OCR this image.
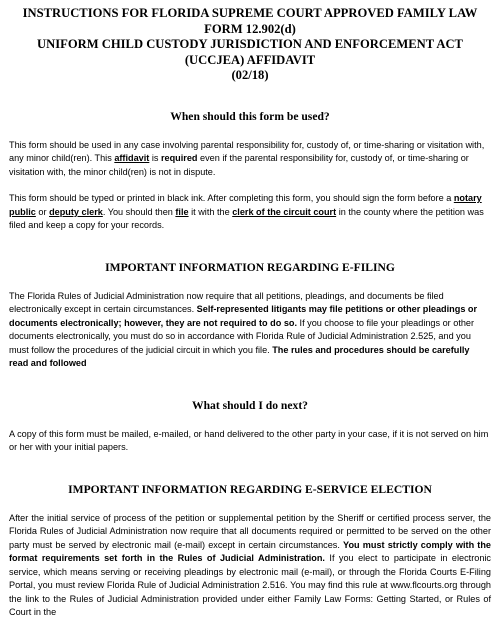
INSTRUCTIONS FOR FLORIDA SUPREME COURT APPROVED FAMILY LAW

FORM 12.902(d)

UNIFORM CHILD CUSTODY JURISDICTION AND ENFORCEMENT ACT

(UCCJEA) AFFIDAVIT

(02/18)

When should this form be used?

This form should be used in any case involving parental responsibility for, custody of, or time-sharing or visitation with, any minor child(ren). This affidavit is required even if the parental responsibility for, custody of, or time-sharing or visitation with, the minor child(ren) is not in dispute.

This form should be typed or printed in black ink. After completing this form, you should sign the form before a notary public or deputy clerk. You should then file it with the clerk of the circuit court in the county where the petition was filed and keep a copy for your records.

IMPORTANT INFORMATION REGARDING E-FILING

The Florida Rules of Judicial Administration now require that all petitions, pleadings, and documents be filed electronically except in certain circumstances. Self-represented litigants may file petitions or other pleadings or documents electronically; however, they are not required to do so. If you choose to file your pleadings or other documents electronically, you must do so in accordance with Florida Rule of Judicial Administration 2.525, and you must follow the procedures of the judicial circuit in which you file. The rules and procedures should be carefully read and followed

What should I do next?

A copy of this form must be mailed, e-mailed, or hand delivered to the other party in your case, if it is not served on him or her with your initial papers.

IMPORTANT INFORMATION REGARDING E-SERVICE ELECTION

After the initial service of process of the petition or supplemental petition by the Sheriff or certified process server, the Florida Rules of Judicial Administration now require that all documents required or permitted to be served on the other party must be served by electronic mail (e-mail) except in certain circumstances. You must strictly comply with the format requirements set forth in the Rules of Judicial Administration. If you elect to participate in electronic service, which means serving or receiving pleadings by electronic mail (e-mail), or through the Florida Courts E-Filing Portal, you must review Florida Rule of Judicial Administration 2.516. You may find this rule at www.flcourts.org through the link to the Rules of Judicial Administration provided under either Family Law Forms: Getting Started, or Rules of Court in the
